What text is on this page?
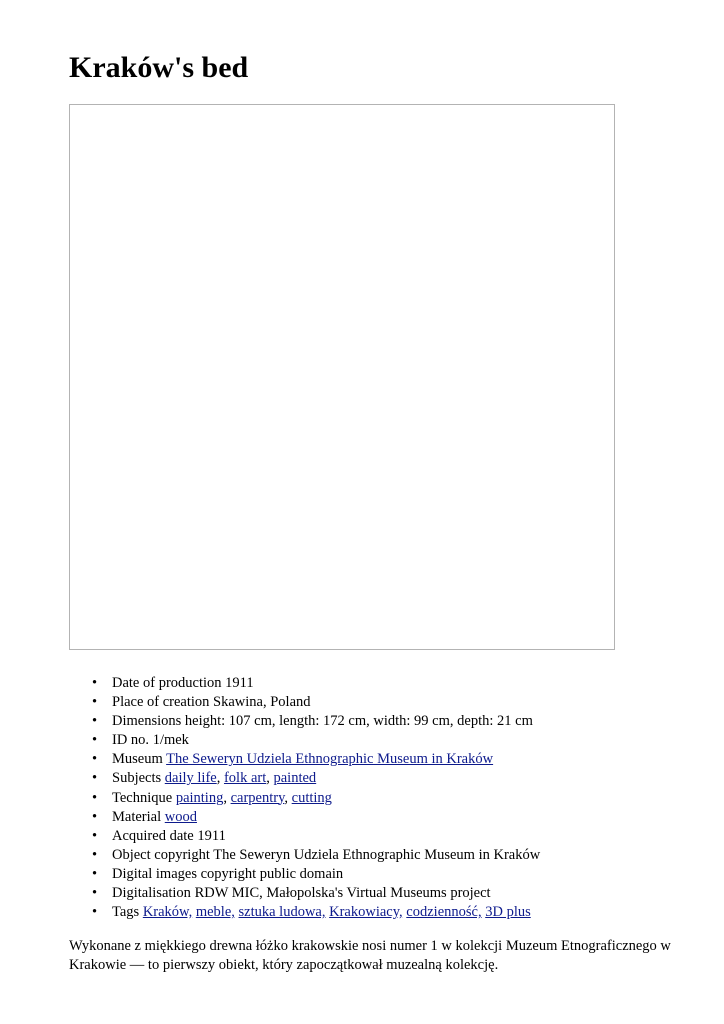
Kraków's bed
• Date of production 1911
• Place of creation Skawina, Poland
• Dimensions height: 107 cm, length: 172 cm, width: 99 cm, depth: 21 cm
• ID no. 1/mek
• Museum The Seweryn Udziela Ethnographic Museum in Kraków
• Subjects daily life, folk art, painted
• Technique painting, carpentry, cutting
• Material wood
• Acquired date 1911
• Object copyright The Seweryn Udziela Ethnographic Museum in Kraków
• Digital images copyright public domain
• Digitalisation RDW MIC, Małopolska's Virtual Museums project
• Tags Kraków, meble, sztuka ludowa, Krakowiacy, codzienność, 3D plus

Wykonane z miękkiego drewna łóżko krakowskie nosi numer 1 w kolekcji Muzeum Etnograficznego w Krakowie — to pierwszy obiekt, który zapoczątkował muzealną kolekcję.
